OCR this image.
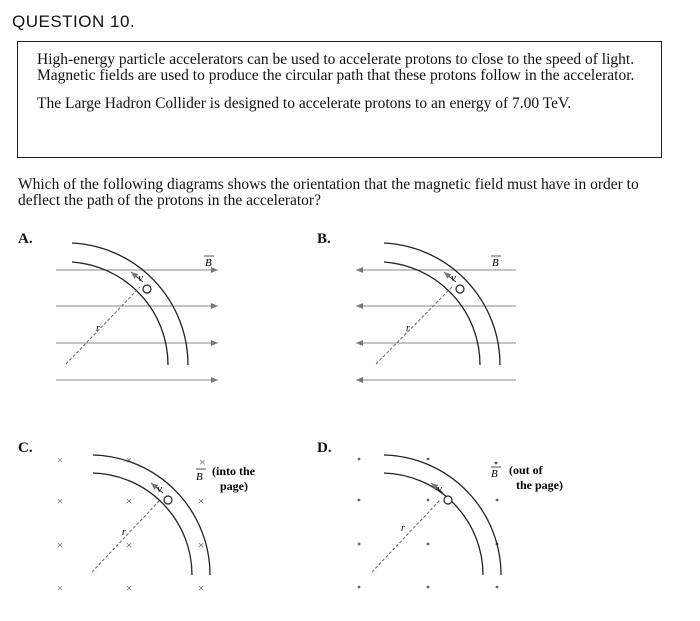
QUESTION 10.

High-energy particle accelerators can be used to accelerate protons to close to the speed of light. Magnetic fields are used to produce the circular path that these protons follow in the accelerator.

The Large Hadron Collider is designed to accelerate protons to an energy of 7.00 TeV.

Which of the following diagrams shows the orientation that the magnetic field must have in order to deflect the path of the protons in the accelerator?
A.	B.
C.	D.
v
r
B
v
r
B
×	×
×	×	×
×	×	×
×	×	×
v
r
×
B (into the page)	v
r
B (out of the page)
